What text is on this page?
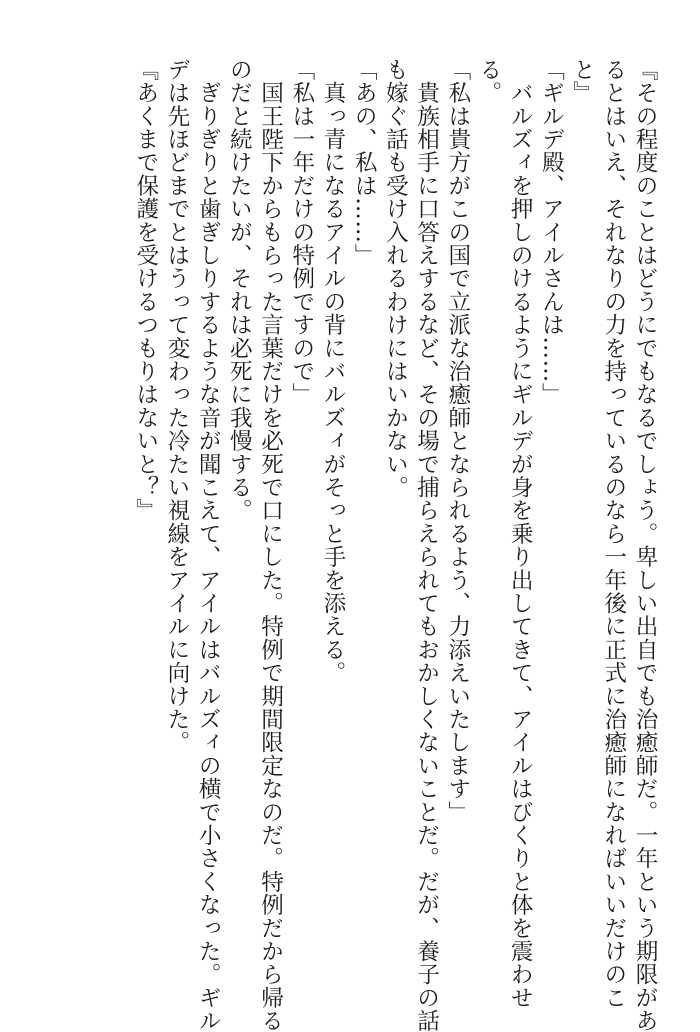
『その程度のことはどうにでもなるでしょう。卑しい出自でも治癒師だ。一年という期限があ
るとはいえ、それなりの力を持っているのなら一年後に正式に治癒師になればいいだけのこ
と』
「ギルデ殿、アイルさんは……」
　バルズィを押しのけるようにギルデが身を乗り出してきて、アイルはびくりと体を震わせ
る。
「私は貴方がこの国で立派な治癒師となられるよう、力添えいたします」
　貴族相手に口答えするなど、その場で捕らえられてもおかしくないことだ。だが、養子の話
も嫁ぐ話も受け入れるわけにはいかない。
「あの、私は……」
　真っ青になるアイルの背にバルズィがそっと手を添える。
「私は一年だけの特例ですので」
　国王陛下からもらった言葉だけを必死で口にした。特例で期間限定なのだ。特例だから帰る
のだと続けたいが、それは必死に我慢する。
　ぎりぎりと歯ぎしりするような音が聞こえて、アイルはバルズィの横で小さくなった。ギル
デは先ほどまでとはうって変わった冷たい視線をアイルに向けた。
『あくまで保護を受けるつもりはないと？』
